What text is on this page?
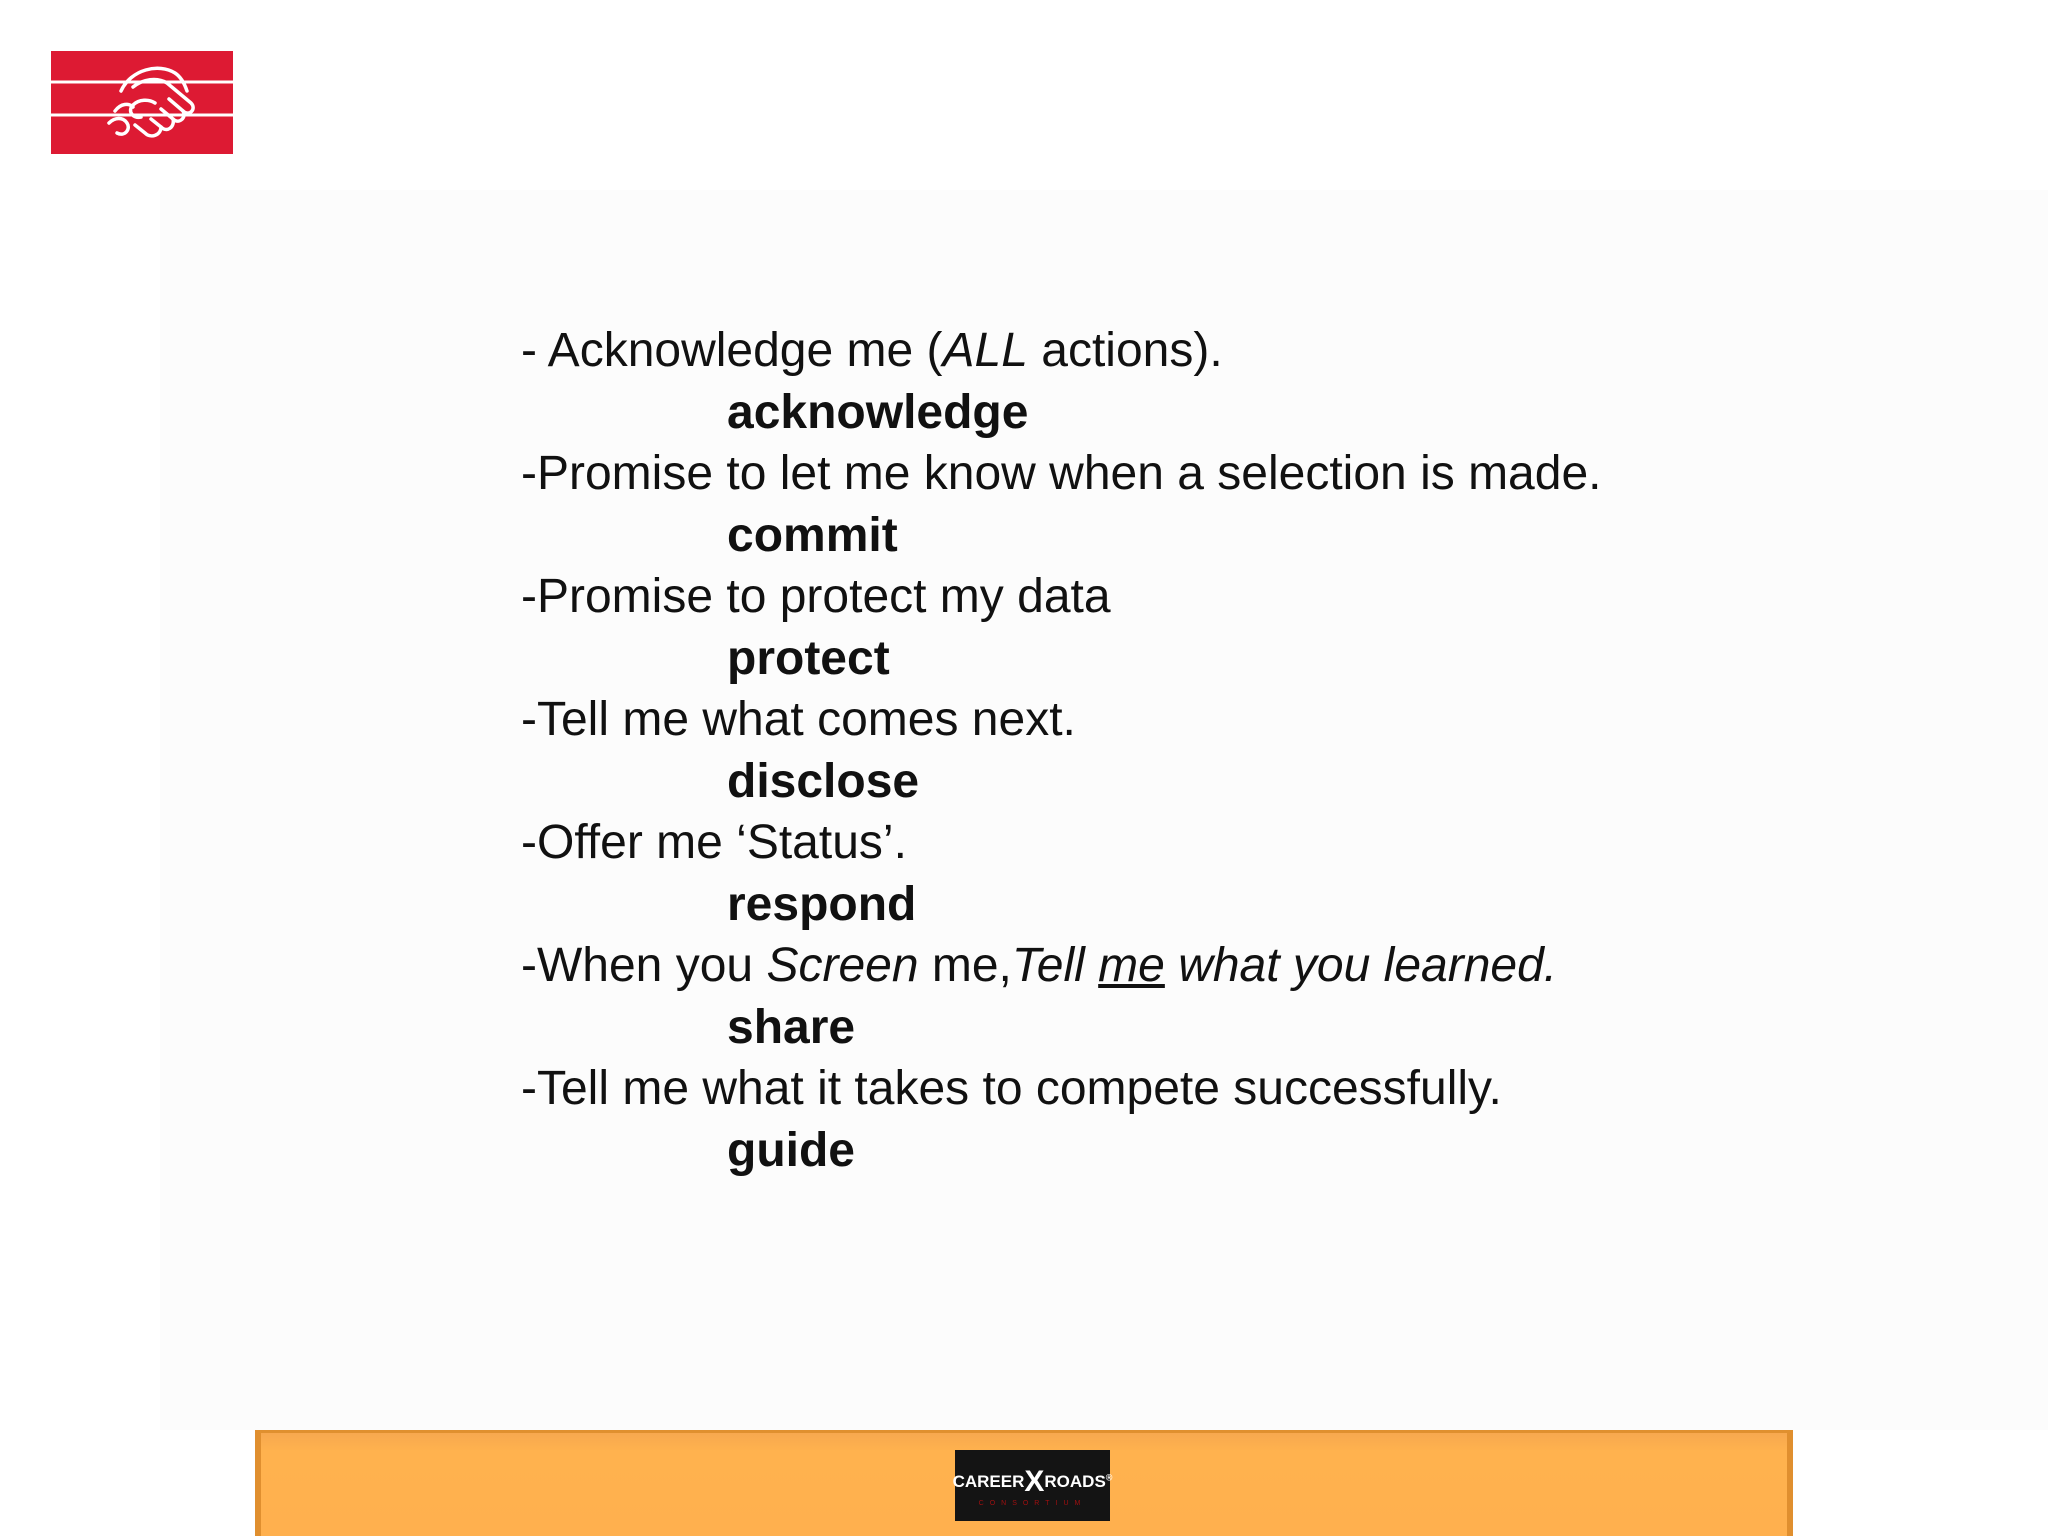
- Acknowledge me (ALL actions).
acknowledge
-Promise to let me know when a selection is made.
commit
-Promise to protect my data
protect
-Tell me what comes next.
disclose
-Offer me ‘Status’.
respond
-When you Screen me,Tell me what you learned.
share
-Tell me what it takes to compete successfully.
guide
CAREERXROADS®
CONSORTIUM
